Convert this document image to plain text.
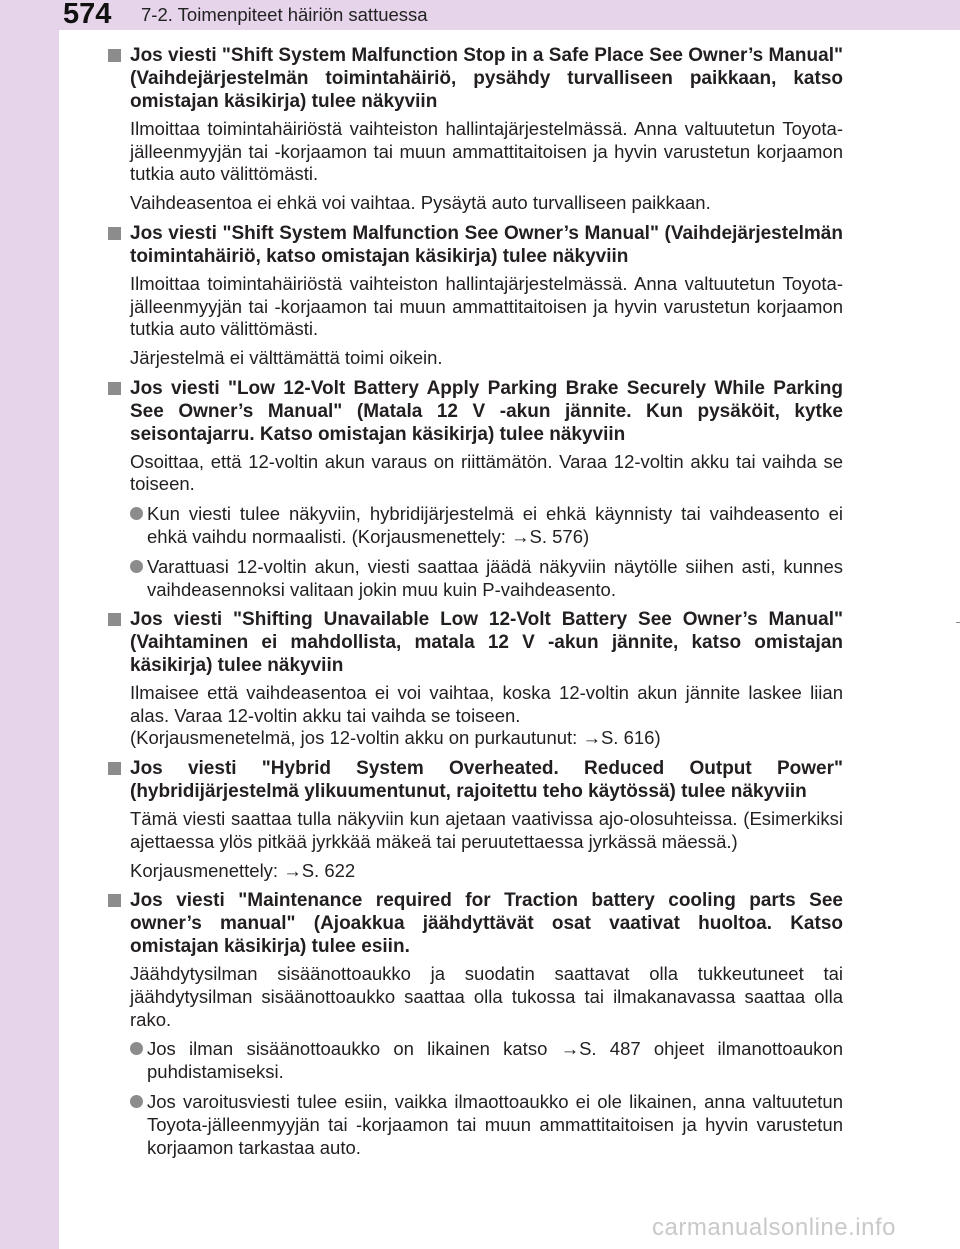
574 7-2. Toimenpiteet häiriön sattuessa
Jos viesti "Shift System Malfunction Stop in a Safe Place See Owner’s Manual" (Vaihdejärjestelmän toimintahäiriö, pysähdy turvalliseen paikkaan, katso omistajan käsikirja) tulee näkyviin
Ilmoittaa toimintahäiriöstä vaihteiston hallintajärjestelmässä. Anna valtuutetun Toyota-jälleenmyyjän tai -korjaamon tai muun ammattitaitoisen ja hyvin varustetun korjaamon tutkia auto välittömästi.
Vaihdeasentoa ei ehkä voi vaihtaa. Pysäytä auto turvalliseen paikkaan.
Jos viesti "Shift System Malfunction See Owner’s Manual" (Vaihdejärjestelmän toimintahäiriö, katso omistajan käsikirja) tulee näkyviin
Ilmoittaa toimintahäiriöstä vaihteiston hallintajärjestelmässä. Anna valtuutetun Toyota-jälleenmyyjän tai -korjaamon tai muun ammattitaitoisen ja hyvin varustetun korjaamon tutkia auto välittömästi.
Järjestelmä ei välttämättä toimi oikein.
Jos viesti "Low 12-Volt Battery Apply Parking Brake Securely While Parking See Owner’s Manual" (Matala 12 V -akun jännite. Kun pysäköit, kytke seisontajarru. Katso omistajan käsikirja) tulee näkyviin
Osoittaa, että 12-voltin akun varaus on riittämätön. Varaa 12-voltin akku tai vaihda se toiseen.
Kun viesti tulee näkyviin, hybridijärjestelmä ei ehkä käynnisty tai vaihdeasento ei ehkä vaihdu normaalisti. (Korjausmenettely: →S. 576)
Varattuasi 12-voltin akun, viesti saattaa jäädä näkyviin näytölle siihen asti, kunnes vaihdeasennoksi valitaan jokin muu kuin P-vaihdeasento.
Jos viesti "Shifting Unavailable Low 12-Volt Battery See Owner’s Manual" (Vaihtaminen ei mahdollista, matala 12 V -akun jännite, katso omistajan käsikirja) tulee näkyviin
Ilmaisee että vaihdeasentoa ei voi vaihtaa, koska 12-voltin akun jännite laskee liian alas. Varaa 12-voltin akku tai vaihda se toiseen.
(Korjausmenetelmä, jos 12-voltin akku on purkautunut: →S. 616)
Jos viesti "Hybrid System Overheated. Reduced Output Power" (hybridijärjestelmä ylikuumentunut, rajoitettu teho käytössä) tulee näkyviin
Tämä viesti saattaa tulla näkyviin kun ajetaan vaativissa ajo-olosuhteissa. (Esimerkiksi ajettaessa ylös pitkää jyrkkää mäkeä tai peruutettaessa jyrkässä mäessä.)
Korjausmenettely: →S. 622
Jos viesti "Maintenance required for Traction battery cooling parts See owner’s manual" (Ajoakkua jäähdyttävät osat vaativat huoltoa. Katso omistajan käsikirja) tulee esiin.
Jäähdytysilman sisäänottoaukko ja suodatin saattavat olla tukkeutuneet tai jäähdytysilman sisäänottoaukko saattaa olla tukossa tai ilmakanavassa saattaa olla rako.
Jos ilman sisäänottoaukko on likainen katso →S. 487 ohjeet ilmanottoaukon puhdistamiseksi.
Jos varoitusviesti tulee esiin, vaikka ilmaottoaukko ei ole likainen, anna valtuutetun Toyota-jälleenmyyjän tai -korjaamon tai muun ammattitaitoisen ja hyvin varustetun korjaamon tarkastaa auto.
carmanualsonline.info
